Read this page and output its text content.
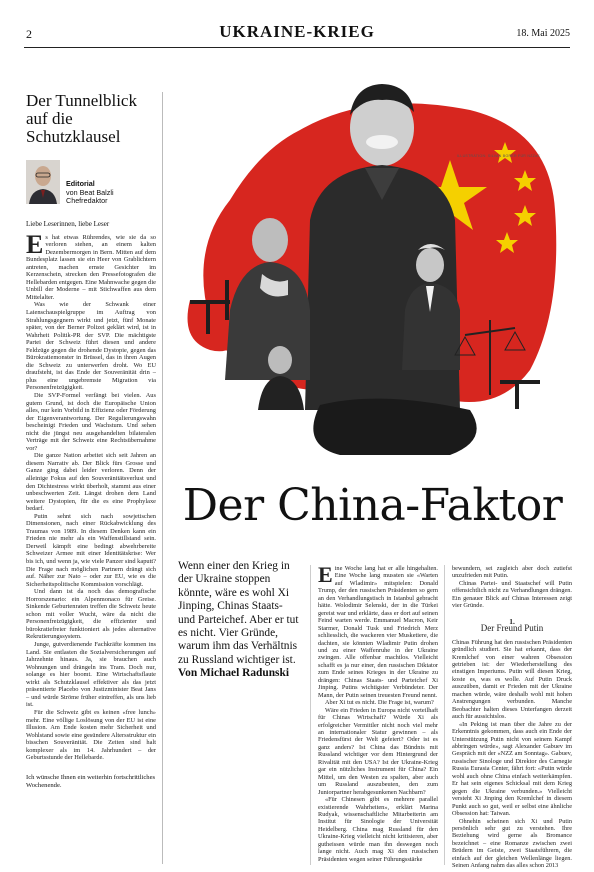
2	UKRAINE-KRIEG	18. Mai 2025
Der Tunnelblick auf die Schutzklausel
Editorial
von Beat Balzli
Chefredaktor
Liebe Leserinnen, liebe Leser

Es hat etwas Rührendes, wie sie da so verloren stehen, an einem kalten Dezembermorgen in Bern. Mitten auf dem Bundesplatz lassen sie ein Heer von Grablichtern antreten, machen ernste Gesichter im Kerzenschein, strecken den Pressefotografen die Hellebarden entgegen. Eine Mahnwache gegen die Unbill der Moderne – mit Stichwaffen aus dem Mittelalter.

Was wie der Schwank einer Laienschauspielgruppe im Auftrag von Strahlungsgegnern wirkt und jetzt, fünf Monate später, von der Berner Polizei geklärt wird, ist in Wahrheit Politik-PR der SVP. Die mächtigste Partei der Schweiz führt diesen und andere Feldzüge gegen die drohende Dystopie, gegen das Bürokratiemonster in Brüssel, das in ihren Augen die Schweiz zu unterwerfen droht. Wo EU draufsteht, ist das Ende der Souveränität drin – plus eine ungebremste Migration via Personenfreizügigkeit.

Die SVP-Formel verfängt bei vielen. Aus gutem Grund, ist doch die Europäische Union alles, nur kein Vorbild in Effizienz oder Förderung der Eigenverantwortung. Der Regulierungswahn bescheinigt Frieden und Wachstum. Und sehen nicht die jüngst neu ausgehandelten bilateralen Verträge mit der Schweiz eine Rechtsübernahme vor?

Die ganze Nation arbeitet sich seit Jahren an diesem Narrativ ab. Der Blick fürs Grosse und Ganze ging dabei leider verloren. Denn der alleinige Fokus auf den Souveränitätsverlust und den Dichtestress wirkt überholt, stammt aus einer unbeschwerten Zeit. Längst drohen dem Land weitere Dystopien, für die es eine Prophylaxe bedarf.

Putin sehnt sich nach sowjetischen Dimensionen, nach einer Rückabwicklung des Traumas von 1989. In diesem Denken kann ein Frieden nie mehr als ein Waffenstillstand sein. Derweil kämpft eine bedingt abwehrbereite Schweizer Armee mit einer Identitätskrise: Wer bis ich, und wenn ja, wie viele Panzer sind kaputt? Die Frage nach möglichen Partnern drängt sich auf. Näher zur Nato – oder zur EU, wie es die Sicherheitspolitische Kommission vorschlägt.

Und dann ist da noch das demografische Horrorszenario: ein Alpenmonaco für Greise. Sinkende Geburtenraten treffen die Schweiz heute schon mit voller Wucht, wäre da nicht die Personenfreizügigkeit, die effizienter und bürokratiefreier funktioniert als jedes alternative Rekrutierungssystem.

Junge, gutverdienende Fachkräfte kommen ins Land. Sie entlasten die Sozialversicherungen auf Jahrzehnte hinaus. Ja, sie brauchen auch Wohnungen und drängeln ins Tram. Doch nur, solange es hier boomt. Eine Wirtschaftsflaute wirkt als Schutzklausel effektiver als das jetzt präsentierte Placebo von Justizminister Beat Jans – und würde Ströme früher eintreffen, als uns lieb ist.

Für die Schweiz gibt es keinen «free lunch» mehr. Eine völlige Loslösung von der EU ist eine Illusion. Am Ende kosten mehr Sicherheit und Wohlstand sowie eine gesündere Altersstruktur ein bisschen Souveränität. Die Zeiten sind halt komplexer als im 14. Jahrhundert – der Geburtsstunde der Hellebarde.

Ich wünsche Ihnen ein weiterhin fortschrittliches Wochenende.
ILLUSTRATION: SILVAN BORER FÜR NZZaS
Der China-Faktor
Wenn einer den Krieg in der Ukraine stoppen könnte, wäre es wohl Xi Jinping, Chinas Staats- und Parteichef. Aber er tut es nicht. Vier Gründe, warum ihm das Verhältnis zu Russland wichtiger ist.
Von Michael Radunski

Eine Woche lang hat er alle hingehalten. Eine Woche lang mussten sie «Warten auf Wladimir» mitspielen: Donald Trump, der den russischen Präsidenten so gern an den Verhandlungstisch in Istanbul gebracht hätte. Wolodimir Selenski, der in die Türkei gereist war und erklärte, dass er dort auf seinen Feind warten werde. Emmanuel Macron, Keir Starmer, Donald Tusk und Friedrich Merz schliesslich, die wackeren vier Musketiere, die dachten, sie könnten Wladimir Putin drohen und zu einer Waffenruhe in der Ukraine zwingen. Alle offenbar machtlos. Vielleicht schafft es ja nur einer, den russischen Diktator zum Ende seines Krieges in der Ukraine zu drängen: Chinas Staats- und Parteichef Xi Jinping. Putins wichtigster Verbündeter. Der Mann, der Putin seinen treuesten Freund nennt.

Aber Xi tut es nicht. Die Frage ist, warum?

Wäre ein Frieden in Europa nicht vorteilhaft für Chinas Wirtschaft? Würde Xi als erfolgreicher Vermittler nicht noch viel mehr an internationaler Statur gewinnen – als Friedensfürst der Welt gefeiert? Oder ist es ganz anders? Ist China das Bündnis mit Russland wichtiger vor dem Hintergrund der Rivalität mit den USA? Ist der Ukraine-Krieg gar ein nützliches Instrument für China? Ein Mittel, um den Westen zu spalten, aber auch um Russland auszubeuten, den zum Juniorpartner herabgesunkenen Nachbarn?

«Für Chinesen gibt es mehrere parallel existierende Wahrheiten», erklärt Marina Rudyak, wissenschaftliche Mitarbeiterin am Institut für Sinologie der Universität Heidelberg. China mag Russland für den Ukraine-Krieg vielleicht nicht kritisieren, aber gutheissen würde man ihn deswegen noch lange nicht. Auch mag Xi den russischen Präsidenten wegen seiner Führungsstärke

bewundern, sei zugleich aber doch zutiefst unzufrieden mit Putin.

Chinas Partei- und Staatschef will Putin offensichtlich nicht zu Verhandlungen drängen. Ein genauer Blick auf Chinas Interessen zeigt vier Gründe.

1.
Der Freund Putin

Chinas Führung hat den russischen Präsidenten gründlich studiert. Sie hat erkannt, dass der Kremlchef von einer wahren Obsession getrieben ist: der Wiederherstellung des einstigen Imperiums. Putin will diesen Krieg, koste es, was es wolle. Auf Putin Druck auszuüben, damit er Frieden mit der Ukraine machen würde, wäre deshalb wohl mit hohen Anstrengungen verbunden. Manche Beobachter halten dieses Unterfangen derzeit auch für aussichtslos.

«In Peking ist man über die Jahre zu der Erkenntnis gekommen, dass auch ein Ende der Unterstützung Putin nicht von seinem Kampf abbringen würde», sagt Alexander Gabuev im Gespräch mit der «NZZ am Sonntag». Gabuev, russischer Sinologe und Direktor des Carnegie Russia Eurasia Center, fährt fort: «Putin würde wohl auch ohne China einfach weiterkämpfen. Er hat sein eigenes Schicksal mit dem Krieg gegen die Ukraine verbunden.» Vielleicht versteht Xi Jinping den Kremlchef in diesem Punkt auch so gut, weil er selbst eine ähnliche Obsession hat: Taiwan.

Ohnehin scheinen sich Xi und Putin persönlich sehr gut zu verstehen. Ihre Beziehung wird gerne als Bromance bezeichnet – eine Romanze zwischen zwei Brüdern im Geiste, zwei Staatsführern, die einfach auf der gleichen Wellenlänge liegen. Seinen Anfang nahm das alles schon 2013
